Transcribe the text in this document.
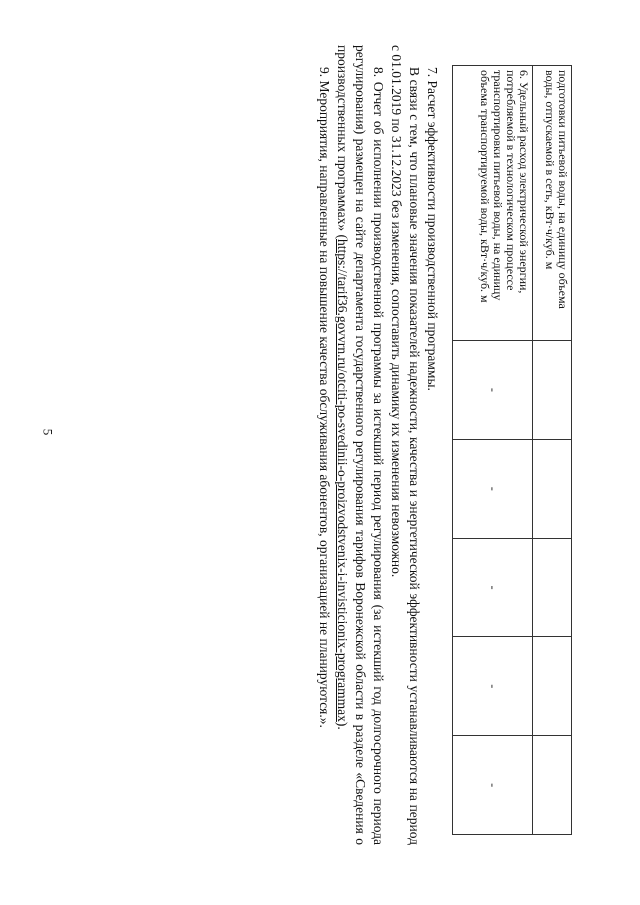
5
подготовки питьевой воды, на единицу объема воды, отпускаемой в сеть, кВт·ч/куб. м					
6. Удельный расход электрической энергии, потребляемой в технологическом процессе транспортировки питьевой воды, на единицу объема транспортируемой воды, кВт·ч/куб. м	-	-	-	-	-

7. Расчет эффективности производственной программы.

В связи с тем, что плановые значения показателей надежности, качества и энергетической эффективности устанавливаются на период с 01.01.2019 по 31.12.2023 без изменения, сопоставить динамику их изменения невозможно.

8. Отчет об исполнении производственной программы за истекший период регулирования (за истекший год долгосрочного периода регулирования) размещен на сайте департамента государственного регулирования тарифов Воронежской области в разделе «Сведения о производственных программах» (https://tarif36.govvrn.ru/otciti-po-svedinii-o-proizvodstvenix-i-invisticionix-programmax).

9. Мероприятия, направленные на повышение качества обслуживания абонентов, организацией не планируются.».
